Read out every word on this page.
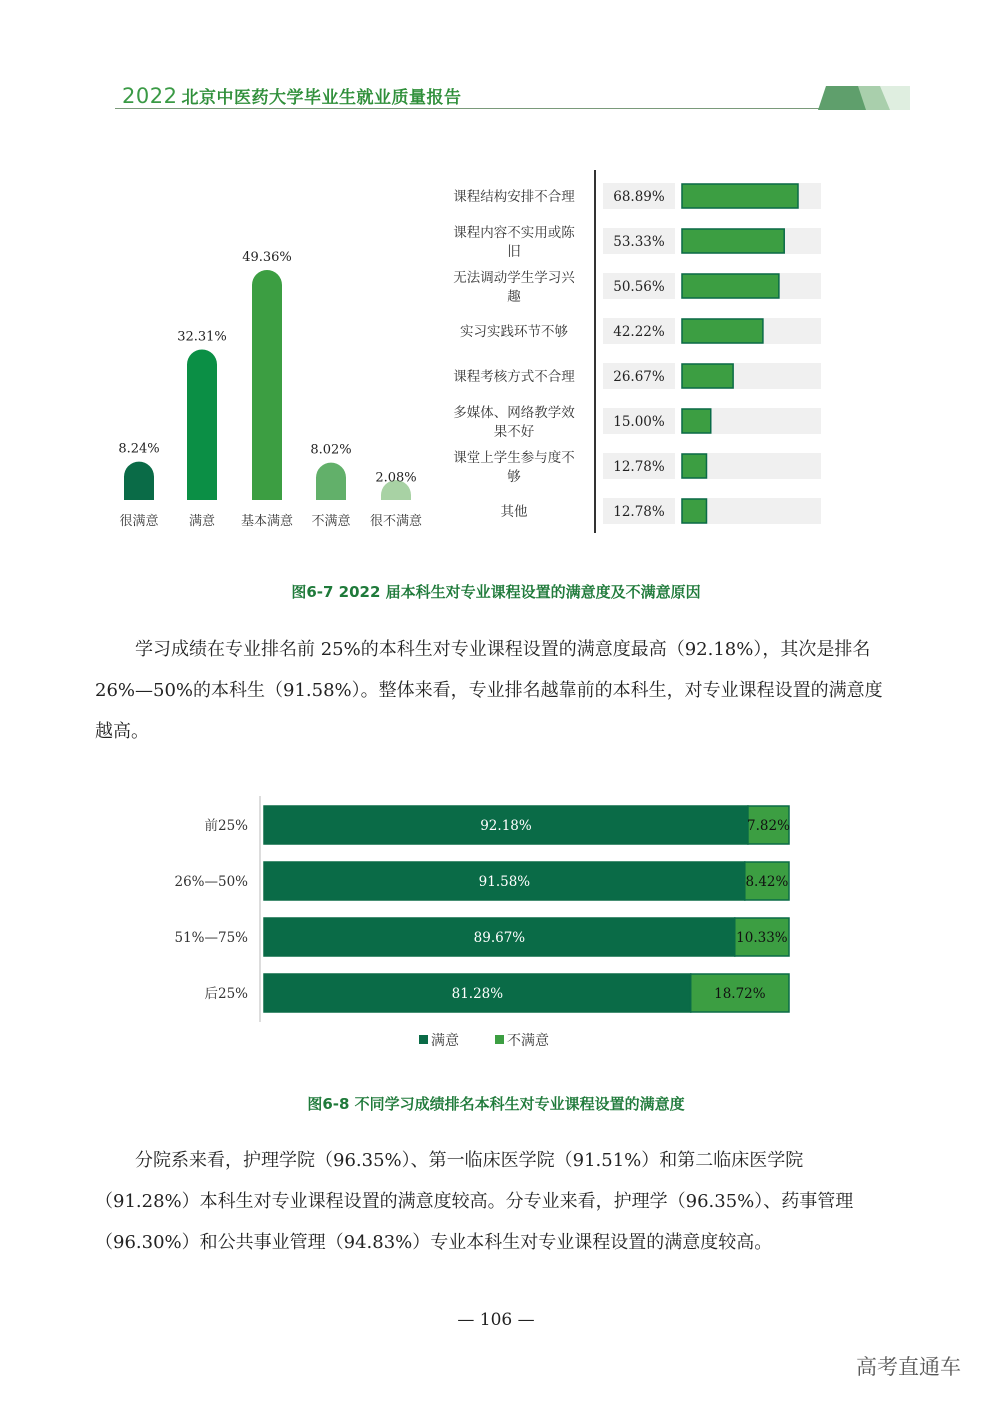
2022 北京中医药大学毕业生就业质量报告
8.24%
很满意
32.31%
满意
49.36%
基本满意
8.02%
不满意
2.08%
很不满意
课程结构安排不合理	68.89%
课程内容不实用或陈
旧
53.33%
无法调动学生学习兴
趣
50.56%
实习实践环节不够	42.22%
课程考核方式不合理	26.67%
多媒体、网络教学效
果不好
15.00%
课堂上学生参与度不
够
12.78%
其他	12.78%
图6-7 2022 届本科生对专业课程设置的满意度及不满意原因

学习成绩在专业排名前 25%的本科生对专业课程设置的满意度最高（92.18%），其次是排名 26%—50%的本科生（91.58%）。整体来看，专业排名越靠前的本科生，对专业课程设置的满意度越高。

前25%	92.18%	7.82%
26%—50%	91.58%	8.42%
51%—75%	89.67%	10.33%
后25%	81.28%	18.72%
满意	不满意
图6-8 不同学习成绩排名本科生对专业课程设置的满意度

分院系来看，护理学院（96.35%）、第一临床医学院（91.51%）和第二临床医学院（91.28%）本科生对专业课程设置的满意度较高。分专业来看，护理学（96.35%）、药事管理（96.30%）和公共事业管理（94.83%）专业本科生对专业课程设置的满意度较高。

— 106 —
高考直通车
